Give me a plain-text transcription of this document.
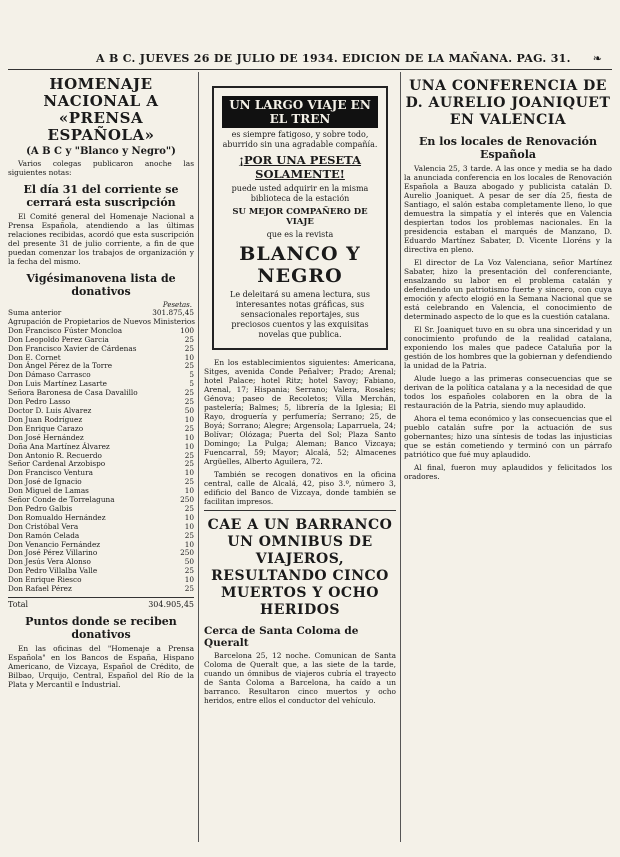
A B C. JUEVES 26 DE JULIO DE 1934. EDICION DE LA MAÑANA. PAG. 31. ❧
HOMENAJE NACIONAL A «PRENSA ESPAÑOLA»
(A B C y "Blanco y Negro")
Varios colegas publicaron anoche las siguientes notas:
El día 31 del corriente se cerrará esta suscripción
El Comité general del Homenaje Nacional a Prensa Española, atendiendo a las últimas relaciones recibidas, acordó que esta suscripción del presente 31 de julio corriente, a fin de que puedan comenzar los trabajos de organización y la fecha del mismo.
Vigésimanovena lista de donativos
Pesetas.
Suma anterior	301.875,45
Agrupación de Propietarios de Nuevos Ministerios
Don Francisco Fúster Moncloa	100
Don Leopoldo Perez Garcia	25
Don Francisco Xavier de Cárdenas	25
Don E. Cornet	10
Don Ángel Pérez de la Torre	25
Don Dámaso Carrasco	5
Don Luis Martínez Lasarte	5
Señora Baronesa de Casa Davalillo	25
Don Pedro Lasso	25
Doctor D. Luis Alvarez	50
Don Juan Rodríguez	10
Don Enrique Carazo	25
Don José Hernández	10
Doña Ana Martínez Álvarez	10
Don Antonio R. Recuerdo	25
Señor Cardenal Arzobispo	25
Don Francisco Ventura	10
Don José de Ignacio	25
Don Miguel de Lamas	10
Señor Conde de Torrelaguna	250
Don Pedro Galbis	25
Don Romualdo Hernández	10
Don Cristóbal Vera	10
Don Ramón Celada	25
Don Venancio Fernández	10
Don José Pérez Villarino	250
Don Jesús Vera Alonso	50
Don Pedro Villalba Valle	25
Don Enrique Riesco	10
Don Rafael Pérez	25
Total	304.905,45
Puntos donde se reciben donativos
En las oficinas del "Homenaje a Prensa Española" en los Bancos de España, Hispano Americano, de Vizcaya, Español de Crédito, de Bilbao, Urquijo, Central, Español del Río de la Plata y Mercantil e Industrial.
UN LARGO VIAJE EN EL TREN
es siempre fatigoso, y sobre todo, aburrido sin una agradable compañía.
¡POR UNA PESETA SOLAMENTE!
puede usted adquirir en la misma biblioteca de la estación
SU MEJOR COMPAÑERO DE VIAJE
que es la revista
BLANCO Y NEGRO
Le deleitará su amena lectura, sus interesantes notas gráficas, sus sensacionales reportajes, sus preciosos cuentos y las exquisitas novelas que publica.
En los establecimientos siguientes: Americana, Sitges, avenida Conde Peñalver; Prado; Arenal; hotel Palace; hotel Ritz; hotel Savoy; Fabiano, Arenal, 17; Hispania; Serrano; Valera, Rosales; Génova; paseo de Recoletos; Villa Merchán, pastelería; Balmes; 5, librería de la Iglesia; El Rayo, droguería y perfumería; Serrano; 25, de Boyá; Sorrano; Alegre; Argensola; Laparruela, 24; Bolívar; Olózaga; Puerta del Sol; Plaza Santo Domingo; La Pulga; Aleman; Banco Vizcaya; Fuencarral, 59; Mayor; Alcalá, 52; Almacenes Argüelles, Alberto Aguilera, 72.
También se recogen donativos en la oficina central, calle de Alcalá, 42, piso 3.º, número 3, edificio del Banco de Vizcaya, donde también se facilitan impresos.
CAE A UN BARRANCO UN OMNIBUS DE VIAJEROS, RESULTANDO CINCO MUERTOS Y OCHO HERIDOS
Cerca de Santa Coloma de Queralt
Barcelona 25, 12 noche. Comunican de Santa Coloma de Queralt que, a las siete de la tarde, cuando un ómnibus de viajeros cubría el trayecto de Santa Coloma a Barcelona, ha caído a un barranco. Resultaron cinco muertos y ocho heridos, entre ellos el conductor del vehículo.
UNA CONFERENCIA DE D. AURELIO JOANIQUET EN VALENCIA
En los locales de Renovación Española
Valencia 25, 3 tarde. A las once y media se ha dado la anunciada conferencia en los locales de Renovación Española a Bauza abogado y publicista catalán D. Aurelio Joaniquet. A pesar de ser día 25, fiesta de Santiago, el salón estaba completamente lleno, lo que demuestra la simpatía y el interés que en Valencia despiertan todos los problemas nacionales. En la presidencia estaban el marqués de Manzano, D. Eduardo Martínez Sabater, D. Vicente Lloréns y la directiva en pleno.
El director de La Voz Valenciana, señor Martínez Sabater, hizo la presentación del conferenciante, ensalzando su labor en el problema catalán y defendiendo un patriotismo fuerte y sincero, con cuya emoción y afecto elogió en la Semana Nacional que se está celebrando en Valencia, el conocimiento de determinado aspecto de lo que es la cuestión catalana.
El Sr. Joaniquet tuvo en su obra una sinceridad y un conocimiento profundo de la realidad catalana, exponiendo los males que padece Cataluña por la gestión de los hombres que la gobiernan y defendiendo la unidad de la Patria.
Alude luego a las primeras consecuencias que se derivan de la política catalana y a la necesidad de que todos los españoles colaboren en la obra de la restauración de la Patria, siendo muy aplaudido.
Ahora el tema económico y las consecuencias que el pueblo catalán sufre por la actuación de sus gobernantes; hizo una síntesis de todas las injusticias que se están cometiendo y terminó con un párrafo patriótico que fué muy aplaudido.
Al final, fueron muy aplaudidos y felicitados los oradores.
